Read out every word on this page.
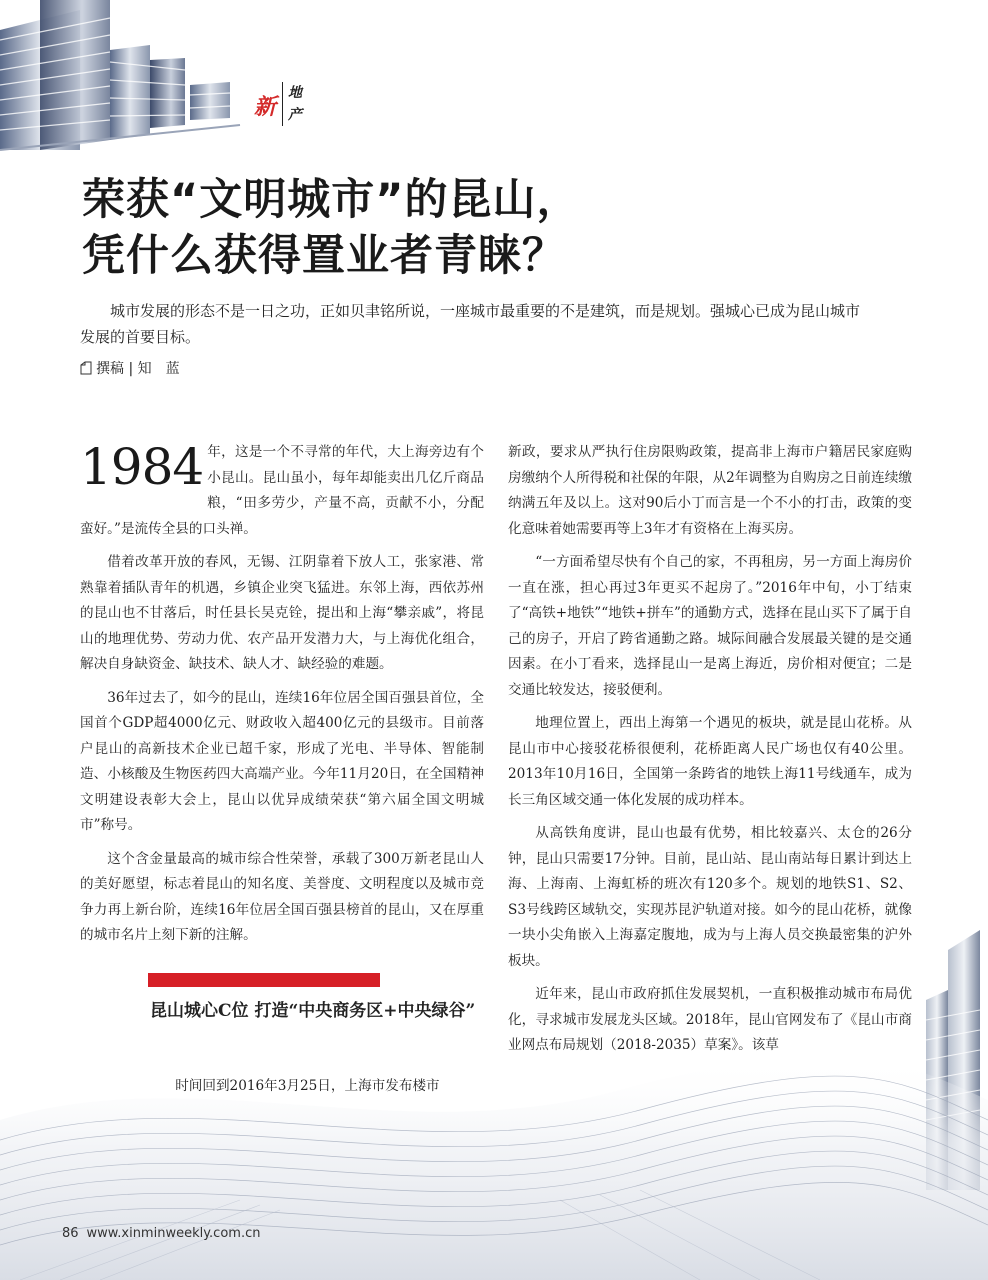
新
地
产
荣获“文明城市”的昆山，
凭什么获得置业者青睐？

城市发展的形态不是一日之功，正如贝聿铭所说，一座城市最重要的不是建筑，而是规划。强城心已成为昆山城市发展的首要目标。

撰稿 | 知　蓝

1984 年，这是一个不寻常的年代，大上海旁边有个小昆山。昆山虽小，每年却能卖出几亿斤商品粮，“田多劳少，产量不高，贡献不小，分配蛮好。”是流传全县的口头禅。

借着改革开放的春风，无锡、江阴靠着下放人工，张家港、常熟靠着插队青年的机遇，乡镇企业突飞猛进。东邻上海，西依苏州的昆山也不甘落后，时任县长吴克铨，提出和上海“攀亲戚”，将昆山的地理优势、劳动力优、农产品开发潜力大，与上海优化组合，解决自身缺资金、缺技术、缺人才、缺经验的难题。

36年过去了，如今的昆山，连续16年位居全国百强县首位，全国首个GDP超4000亿元、财政收入超400亿元的县级市。目前落户昆山的高新技术企业已超千家，形成了光电、半导体、智能制造、小核酸及生物医药四大高端产业。今年11月20日，在全国精神文明建设表彰大会上，昆山以优异成绩荣获“第六届全国文明城市”称号。

这个含金量最高的城市综合性荣誉，承载了300万新老昆山人的美好愿望，标志着昆山的知名度、美誉度、文明程度以及城市竞争力再上新台阶，连续16年位居全国百强县榜首的昆山，又在厚重的城市名片上刻下新的注解。

昆山城心C位 打造“中央商务区+中央绿谷”

时间回到2016年3月25日，上海市发布楼市

新政，要求从严执行住房限购政策，提高非上海市户籍居民家庭购房缴纳个人所得税和社保的年限，从2年调整为自购房之日前连续缴纳满五年及以上。这对90后小丁而言是一个不小的打击，政策的变化意味着她需要再等上3年才有资格在上海买房。

“一方面希望尽快有个自己的家，不再租房，另一方面上海房价一直在涨，担心再过3年更买不起房了。”2016年中旬，小丁结束了“高铁+地铁”“地铁+拼车”的通勤方式，选择在昆山买下了属于自己的房子，开启了跨省通勤之路。城际间融合发展最关键的是交通因素。在小丁看来，选择昆山一是离上海近，房价相对便宜；二是交通比较发达，接驳便利。

地理位置上，西出上海第一个遇见的板块，就是昆山花桥。从昆山市中心接驳花桥很便利，花桥距离人民广场也仅有40公里。2013年10月16日，全国第一条跨省的地铁上海11号线通车，成为长三角区域交通一体化发展的成功样本。

从高铁角度讲，昆山也最有优势，相比较嘉兴、太仓的26分钟，昆山只需要17分钟。目前，昆山站、昆山南站每日累计到达上海、上海南、上海虹桥的班次有120多个。规划的地铁S1、S2、S3号线跨区域轨交，实现苏昆沪轨道对接。如今的昆山花桥，就像一块小尖角嵌入上海嘉定腹地，成为与上海人员交换最密集的沪外板块。

近年来，昆山市政府抓住发展契机，一直积极推动城市布局优化，寻求城市发展龙头区域。2018年，昆山官网发布了《昆山市商业网点布局规划（2018-2035）草案》。该草

86 www.xinminweekly.com.cn
